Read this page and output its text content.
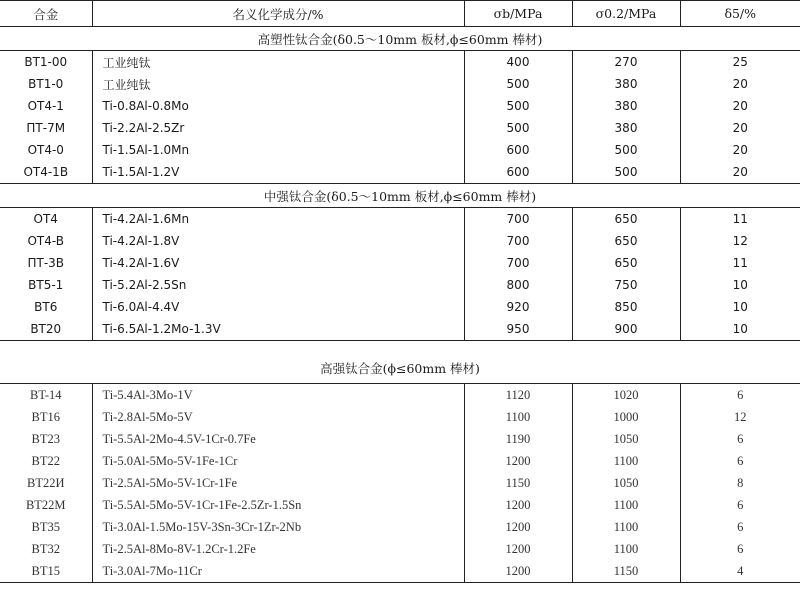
合金	名义化学成分/%	σb/MPa	σ0.2/MPa	δ5/%
高塑性钛合金(δ0.5～10mm 板材,ϕ≤60mm 棒材)				
BT1-00	工业纯钛	400	270	25
BT1-0	工业纯钛	500	380	20
OT4-1	Ti-0.8Al-0.8Mo	500	380	20
ПТ-7M	Ti-2.2Al-2.5Zr	500	380	20
OT4-0	Ti-1.5Al-1.0Mn	600	500	20
OT4-1B	Ti-1.5Al-1.2V	600	500	20
中强钛合金(δ0.5～10mm 板材,ϕ≤60mm 棒材)				
OT4	Ti-4.2Al-1.6Mn	700	650	11
OT4-B	Ti-4.2Al-1.8V	700	650	12
ПТ-3B	Ti-4.2Al-1.6V	700	650	11
BT5-1	Ti-5.2Al-2.5Sn	800	750	10
BT6	Ti-6.0Al-4.4V	920	850	10
BT20	Ti-6.5Al-1.2Mo-1.3V	950	900	10
高强钛合金(ϕ≤60mm 棒材)				
BT-14	Ti-5.4Al-3Mo-1V	1120	1020	6
BT16	Ti-2.8Al-5Mo-5V	1100	1000	12
BT23	Ti-5.5Al-2Mo-4.5V-1Cr-0.7Fe	1190	1050	6
BT22	Ti-5.0Al-5Mo-5V-1Fe-1Cr	1200	1100	6
BT22И	Ti-2.5Al-5Mo-5V-1Cr-1Fe	1150	1050	8
BT22M	Ti-5.5Al-5Mo-5V-1Cr-1Fe-2.5Zr-1.5Sn	1200	1100	6
BT35	Ti-3.0Al-1.5Mo-15V-3Sn-3Cr-1Zr-2Nb	1200	1100	6
BT32	Ti-2.5Al-8Mo-8V-1.2Cr-1.2Fe	1200	1100	6
BT15	Ti-3.0Al-7Mo-11Cr	1200	1150	4
